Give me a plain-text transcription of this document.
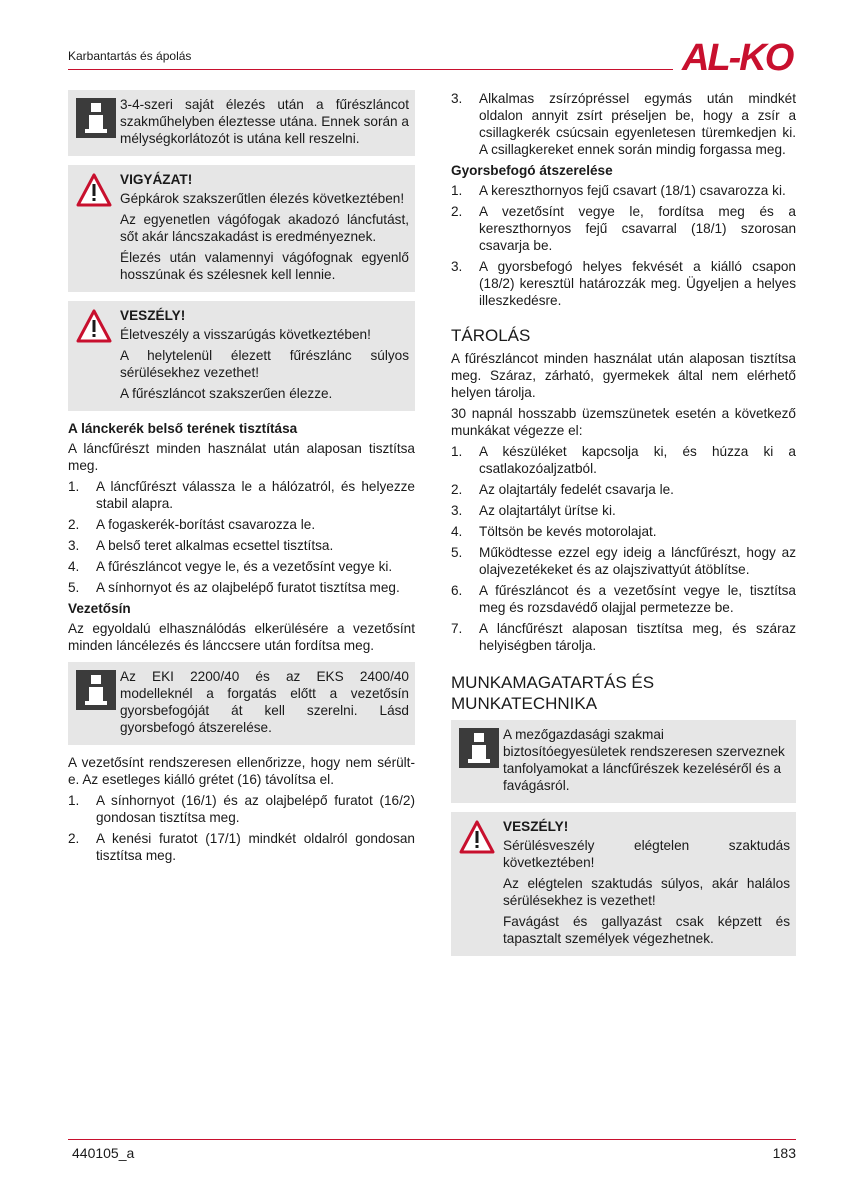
Karbantartás és ápolás	AL-KO

3-4-szeri saját élezés után a fűrészláncot szakműhelyben éleztesse utána. Ennek során a mélységkorlátozót is utána kell reszelni.

VIGYÁZAT!

Gépkárok szakszerűtlen élezés következtében!

Az egyenetlen vágófogak akadozó láncfutást, sőt akár láncszakadást is eredményeznek.

Élezés után valamennyi vágófognak egyenlő hosszúnak és szélesnek kell lennie.

VESZÉLY!

Életveszély a visszarúgás következtében!

A helytelenül élezett fűrészlánc súlyos sérülésekhez vezethet!

A fűrészláncot szakszerűen élezze.

A lánckerék belső terének tisztítása

A láncfűrészt minden használat után alaposan tisztítsa meg.

1. A láncfűrészt válassza le a hálózatról, és helyezze stabil alapra.
2. A fogaskerék-borítást csavarozza le.
3. A belső teret alkalmas ecsettel tisztítsa.
4. A fűrészláncot vegye le, és a vezetősínt vegye ki.
5. A sínhornyot és az olajbelépő furatot tisztítsa meg.
Vezetősín

Az egyoldalú elhasználódás elkerülésére a vezetősínt minden láncélezés és lánccsere után fordítsa meg.

Az EKI 2200/40 és az EKS 2400/40 modelleknél a forgatás előtt a vezetősín gyorsbefogóját át kell szerelni. Lásd gyorsbefogó átszerelése.

A vezetősínt rendszeresen ellenőrizze, hogy nem sérült-e. Az esetleges kiálló grétet (16) távolítsa el.

1. A sínhornyot (16/1) és az olajbelépő furatot (16/2) gondosan tisztítsa meg.
2. A kenési furatot (17/1) mindkét oldalról gondosan tisztítsa meg.
3. Alkalmas zsírzópréssel egymás után mindkét oldalon annyit zsírt préseljen be, hogy a zsír a csillagkerék csúcsain egyenletesen türemkedjen ki. A csillagkereket ennek során mindig forgassa meg.
Gyorsbefogó átszerelése
1. A kereszthornyos fejű csavart (18/1) csavarozza ki.
2. A vezetősínt vegye le, fordítsa meg és a kereszthornyos fejű csavarral (18/1) szorosan csavarja be.
3. A gyorsbefogó helyes fekvését a kiálló csapon (18/2) keresztül határozzák meg. Ügyeljen a helyes illeszkedésre.
TÁROLÁS

A fűrészláncot minden használat után alaposan tisztítsa meg. Száraz, zárható, gyermekek által nem elérhető helyen tárolja.

30 napnál hosszabb üzemszünetek esetén a következő munkákat végezze el:

1. A készüléket kapcsolja ki, és húzza ki a csatlakozóaljzatból.
2. Az olajtartály fedelét csavarja le.
3. Az olajtartályt ürítse ki.
4. Töltsön be kevés motorolajat.
5. Működtesse ezzel egy ideig a láncfűrészt, hogy az olajvezetékeket és az olajszivattyút átöblítse.
6. A fűrészláncot és a vezetősínt vegye le, tisztítsa meg és rozsdavédő olajjal permetezze be.
7. A láncfűrészt alaposan tisztítsa meg, és száraz helyiségben tárolja.
MUNKAMAGATARTÁS ÉS
MUNKATECHNIKA

A mezőgazdasági szakmai biztosítóegyesületek rendszeresen szerveznek tanfolyamokat a láncfűrészek kezeléséről és a favágásról.

VESZÉLY!

Sérülésveszély elégtelen szaktudás következtében!

Az elégtelen szaktudás súlyos, akár halálos sérülésekhez is vezethet!

Favágást és gallyazást csak képzett és tapasztalt személyek végezhetnek.

440105_a	183
